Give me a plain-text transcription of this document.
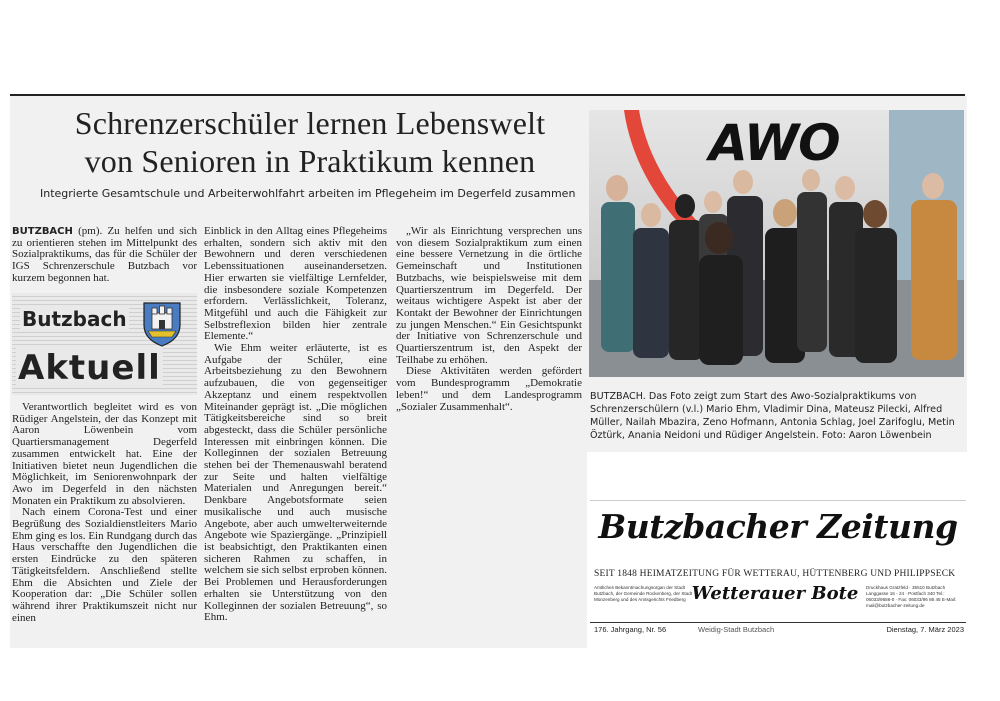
Schrenzerschüler lernen Lebenswelt
von Senioren in Praktikum kennen
Integrierte Gesamtschule und Arbeiterwohlfahrt arbeiten im Pflegeheim im Degerfeld zusammen

BUTZBACH (pm). Zu helfen und sich zu orientieren stehen im Mittelpunkt des Sozialpraktikums, das für die Schüler der IGS Schrenzerschule Butzbach vor kurzem begonnen hat.

Butzbach
Aktuell

Verantwortlich begleitet wird es von Rüdiger Angelstein, der das Konzept mit Aaron Löwenbein vom Quartiersmanagement Degerfeld zusammen entwickelt hat. Eine der Initiativen bietet neun Jugendlichen die Möglichkeit, im Seniorenwohnpark der Awo im Degerfeld in den nächsten Monaten ein Praktikum zu absolvieren.

Nach einem Corona-Test und einer Begrüßung des Sozialdienstleiters Mario Ehm ging es los. Ein Rundgang durch das Haus verschaffte den Jugendlichen die ersten Eindrücke zu den späteren Tätigkeitsfeldern. Anschließend stellte Ehm die Absichten und Ziele der Kooperation dar: „Die Schüler sollen während ihrer Praktikumszeit nicht nur einen

Einblick in den Alltag eines Pflegeheims erhalten, sondern sich aktiv mit den Bewohnern und deren verschiedenen Lebenssituationen auseinandersetzen. Hier erwarten sie vielfältige Lernfelder, die insbesondere soziale Kompetenzen erfordern. Verlässlichkeit, Toleranz, Mitgefühl und auch die Fähigkeit zur Selbstreflexion bilden hier zentrale Elemente.“

Wie Ehm weiter erläuterte, ist es Aufgabe der Schüler, eine Arbeitsbeziehung zu den Bewohnern aufzubauen, die von gegenseitiger Akzeptanz und einem respektvollen Miteinander geprägt ist. „Die möglichen Tätigkeitsbereiche sind so breit abgesteckt, dass die Schüler persönliche Interessen mit einbringen können. Die Kolleginnen der sozialen Betreuung stehen bei der Themenauswahl beratend zur Seite und halten vielfältige Materialen und Anregungen bereit.“ Denkbare Angebotsformate seien musikalische und auch musische Angebote, aber auch umwelterweiternde Angebote wie Spaziergänge. „Prinzipiell ist beabsichtigt, den Praktikanten einen sicheren Rahmen zu schaffen, in welchem sie sich selbst erproben können. Bei Problemen und Herausforderungen erhalten sie Unterstützung von den Kolleginnen der sozialen Betreuung“, so Ehm.

„Wir als Einrichtung versprechen uns von diesem Sozialpraktikum zum einen eine bessere Vernetzung in die örtliche Gemeinschaft und Institutionen Butzbachs, wie beispielsweise mit dem Quartierszentrum im Degerfeld. Der weitaus wichtigere Aspekt ist aber der Kontakt der Bewohner der Einrichtungen zu jungen Menschen.“ Ein Gesichtspunkt der Initiative von Schrenzerschule und Quartierszentrum ist, den Aspekt der Teilhabe zu erhöhen.

Diese Aktivitäten werden gefördert vom Bundesprogramm „Demokratie leben!“ und dem Landesprogramm „Sozialer Zusammenhalt“.

AWO
BUTZBACH. Das Foto zeigt zum Start des Awo-Sozialpraktikums von Schrenzerschülern (v.l.) Mario Ehm, Vladimir Dina, Mateusz Pilecki, Alfred Müller, Nailah Mbazira, Zeno Hofmann, Antonia Schlag, Joel Zarifoglu, Metin Öztürk, Anania Neidoni und Rüdiger Angelstein. Foto: Aaron Löwenbein
Butzbacher Zeitung
SEIT 1848 HEIMATZEITUNG FÜR WETTERAU, HÜTTENBERG UND PHILIPPSECK
Amtliches Bekanntmachungsorgan der Stadt Butzbach, der Gemeinde Rockenberg, der Stadt Münzenberg und des Amtsgerichts Friedberg Wetterauer Bote	Druckhaus Gratzfeld · 35510 Butzbach Langgasse 16 - 24 · Postfach 340 Tel.: 06033/9686-0 · Fax: 06033/96 86 45 E-Mail: mail@butzbacher-zeitung.de
176. Jahrgang, Nr. 56	Weidig-Stadt Butzbach	Dienstag, 7. März 2023
